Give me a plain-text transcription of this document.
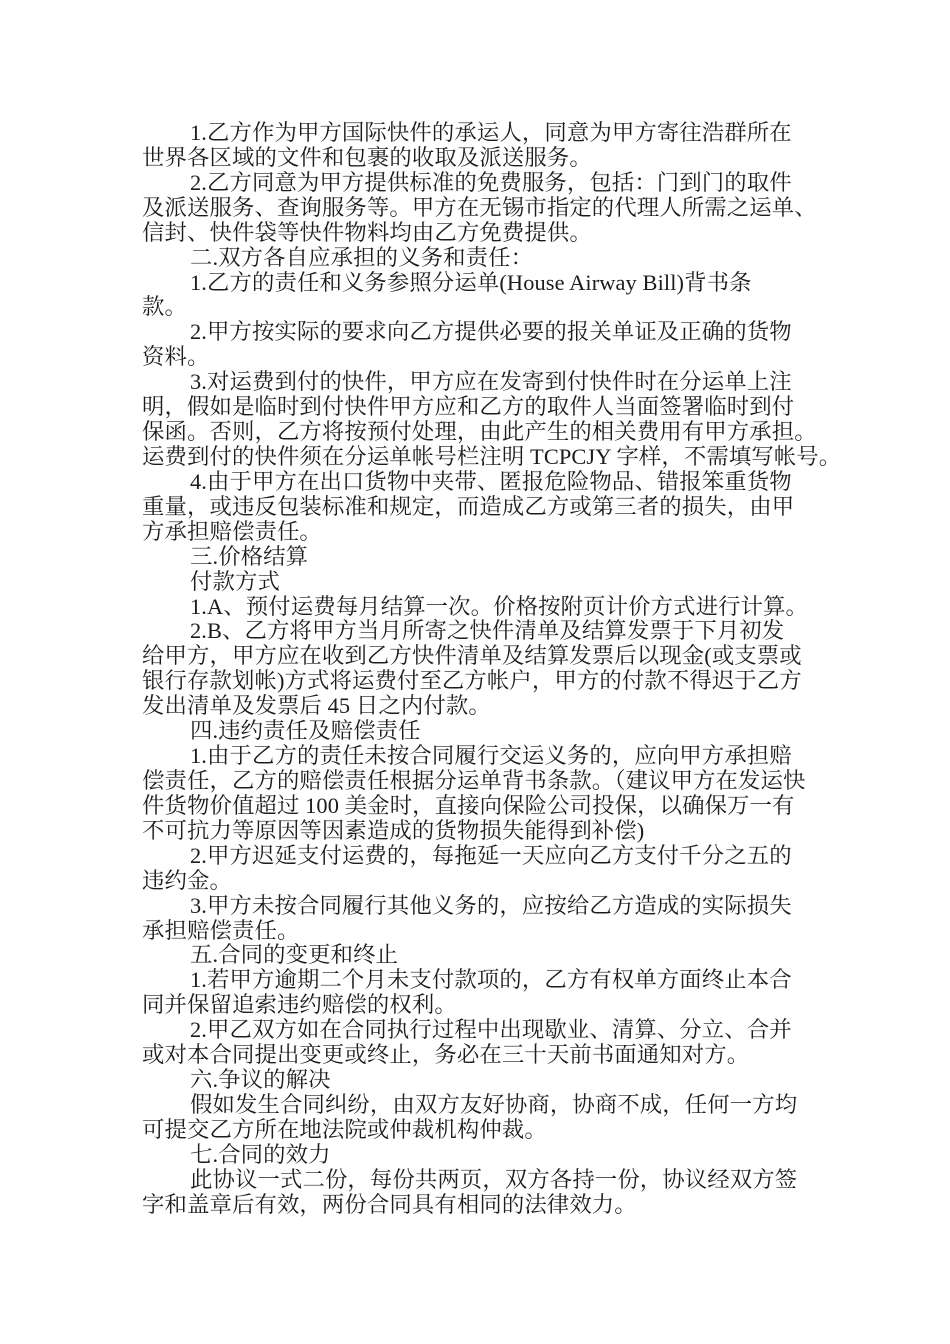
1.乙方作为甲方国际快件的承运人，同意为甲方寄往浩群所在
世界各区域的文件和包裹的收取及派送服务。
2.乙方同意为甲方提供标准的免费服务，包括：门到门的取件
及派送服务、查询服务等。甲方在无锡市指定的代理人所需之运单、
信封、快件袋等快件物料均由乙方免费提供。
二.双方各自应承担的义务和责任：
1.乙方的责任和义务参照分运单(House Airway Bill)背书条
款。
2.甲方按实际的要求向乙方提供必要的报关单证及正确的货物
资料。
3.对运费到付的快件，甲方应在发寄到付快件时在分运单上注
明，假如是临时到付快件甲方应和乙方的取件人当面签署临时到付
保函。否则，乙方将按预付处理，由此产生的相关费用有甲方承担。
运费到付的快件须在分运单帐号栏注明 TCPCJY 字样，不需填写帐号。
4.由于甲方在出口货物中夹带、匿报危险物品、错报笨重货物
重量，或违反包装标准和规定，而造成乙方或第三者的损失，由甲
方承担赔偿责任。
三.价格结算
付款方式
1.A、预付运费每月结算一次。价格按附页计价方式进行计算。
2.B、乙方将甲方当月所寄之快件清单及结算发票于下月初发
给甲方，甲方应在收到乙方快件清单及结算发票后以现金(或支票或
银行存款划帐)方式将运费付至乙方帐户，甲方的付款不得迟于乙方
发出清单及发票后 45 日之内付款。
四.违约责任及赔偿责任
1.由于乙方的责任未按合同履行交运义务的，应向甲方承担赔
偿责任，乙方的赔偿责任根据分运单背书条款。（建议甲方在发运快
件货物价值超过 100 美金时，直接向保险公司投保，以确保万一有
不可抗力等原因等因素造成的货物损失能得到补偿)
2.甲方迟延支付运费的，每拖延一天应向乙方支付千分之五的
违约金。
3.甲方未按合同履行其他义务的，应按给乙方造成的实际损失
承担赔偿责任。
五.合同的变更和终止
1.若甲方逾期二个月未支付款项的，乙方有权单方面终止本合
同并保留追索违约赔偿的权利。
2.甲乙双方如在合同执行过程中出现歇业、清算、分立、合并
或对本合同提出变更或终止，务必在三十天前书面通知对方。
六.争议的解决
假如发生合同纠纷，由双方友好协商，协商不成，任何一方均
可提交乙方所在地法院或仲裁机构仲裁。
七.合同的效力
此协议一式二份，每份共两页，双方各持一份，协议经双方签
字和盖章后有效，两份合同具有相同的法律效力。
